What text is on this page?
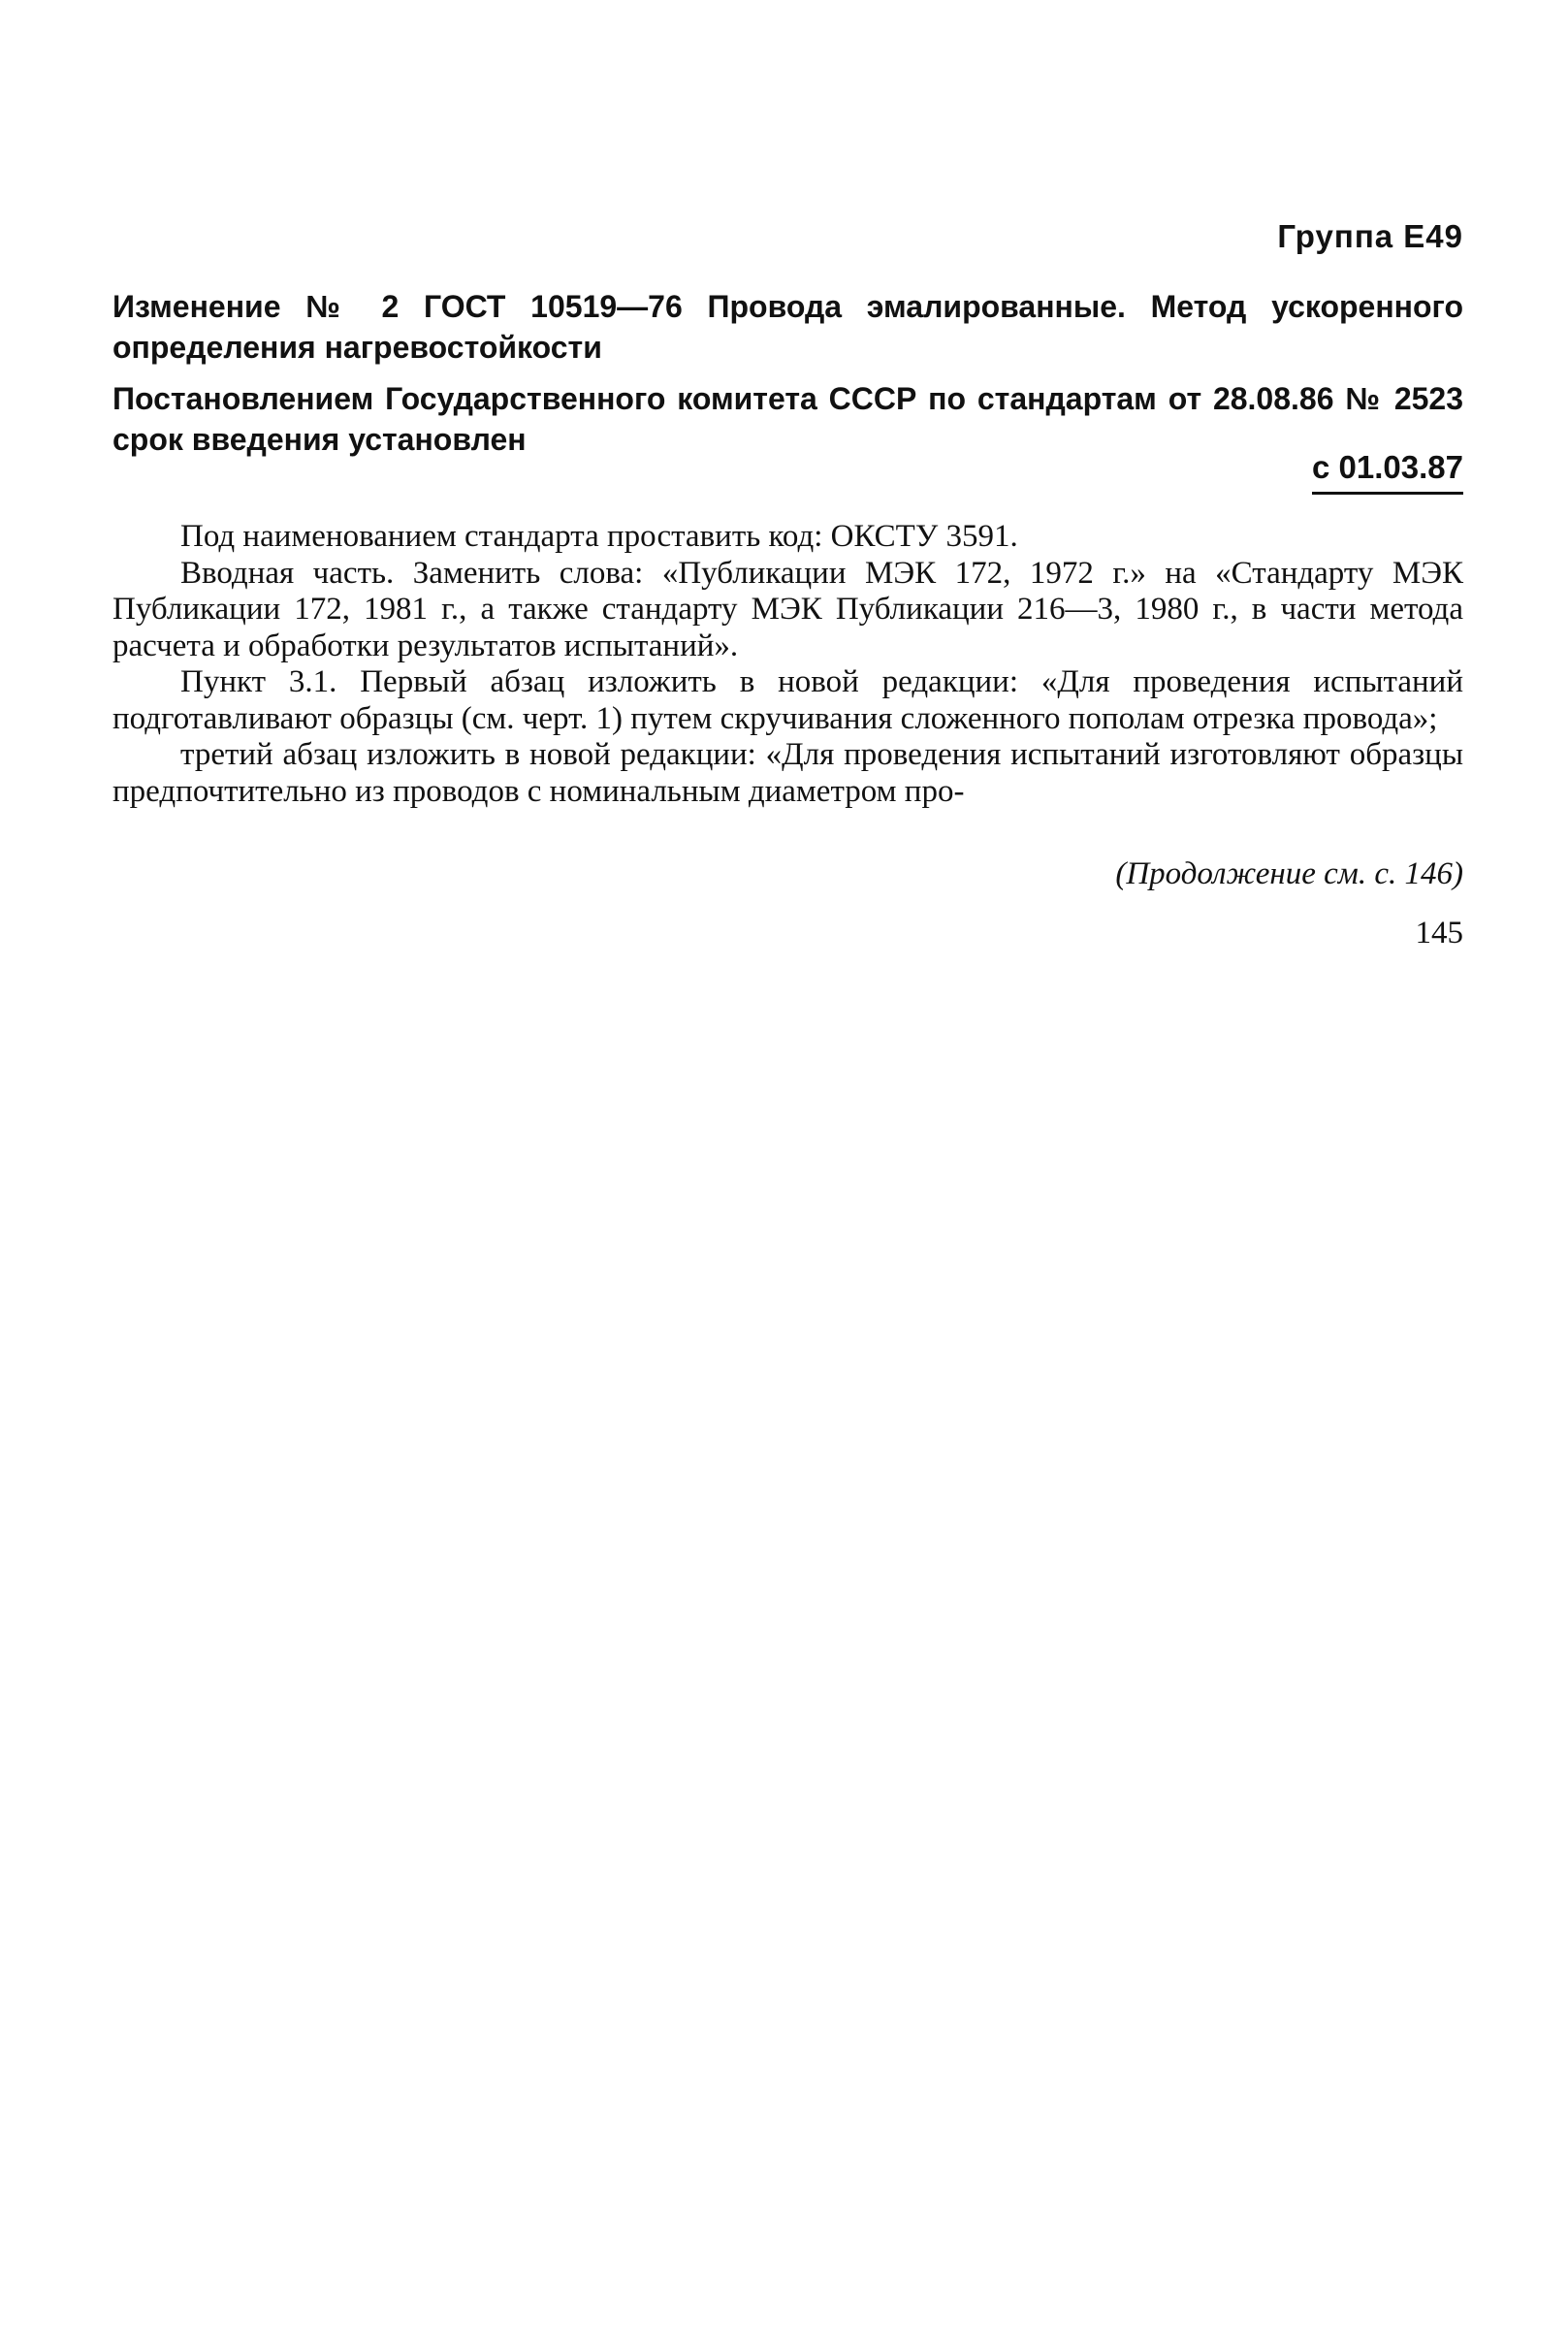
Группа Е49
Изменение № 2 ГОСТ 10519—76 Провода эмалированные. Метод ускоренного определения нагревостойкости
Постановлением Государственного комитета СССР по стандартам от 28.08.86 № 2523 срок введения установлен
с 01.03.87

Под наименованием стандарта проставить код: ОКСТУ 3591.

Вводная часть. Заменить слова: «Публикации МЭК 172, 1972 г.» на «Стандарту МЭК Публикации 172, 1981 г., а также стандарту МЭК Публикации 216—3, 1980 г., в части метода расчета и обработки результатов испытаний».

Пункт 3.1. Первый абзац изложить в новой редакции: «Для проведения испытаний подготавливают образцы (см. черт. 1) путем скручивания сложенного пополам отрезка провода»;

третий абзац изложить в новой редакции: «Для проведения испытаний изготовляют образцы предпочтительно из проводов с номинальным диаметром про-

(Продолжение см. с. 146)
145
